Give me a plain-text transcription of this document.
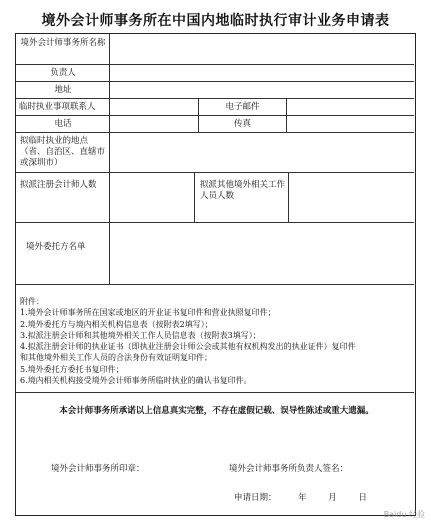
境外会计师事务所在中国内地临时执行审计业务申请表
境外会计师事务所名称
负责人
地址
临时执业事项联系人	电子邮件
电话	传真
拟临时执业的地点（省、自治区、直辖市或深圳市）
拟派注册会计师人数	拟派其他境外相关工作人员人数
境外委托方名单
附件：
1.境外会计师事务所在国家或地区的开业证书复印件和营业执照复印件；
2.境外委托方与境内相关机构信息表（按附表2填写）；
3.拟派注册会计师和其他境外相关工作人员信息表（按附表3填写）；
4.拟派注册会计师的执业证书（即执业注册会计师公会或其他有权机构发出的执业证件）复印件
和其他境外相关工作人员的合法身份有效证明复印件；
5.境外委托方委托书复印件；
6.境内相关机构接受境外会计师事务所临时执业的确认书复印件。
本会计师事务所承诺以上信息真实完整，不存在虚假记载、误导性陈述或重大遗漏。
境外会计师事务所印章：	境外会计师事务所负责人签名：
申请日期：	年	月	日
Baidu 经验
